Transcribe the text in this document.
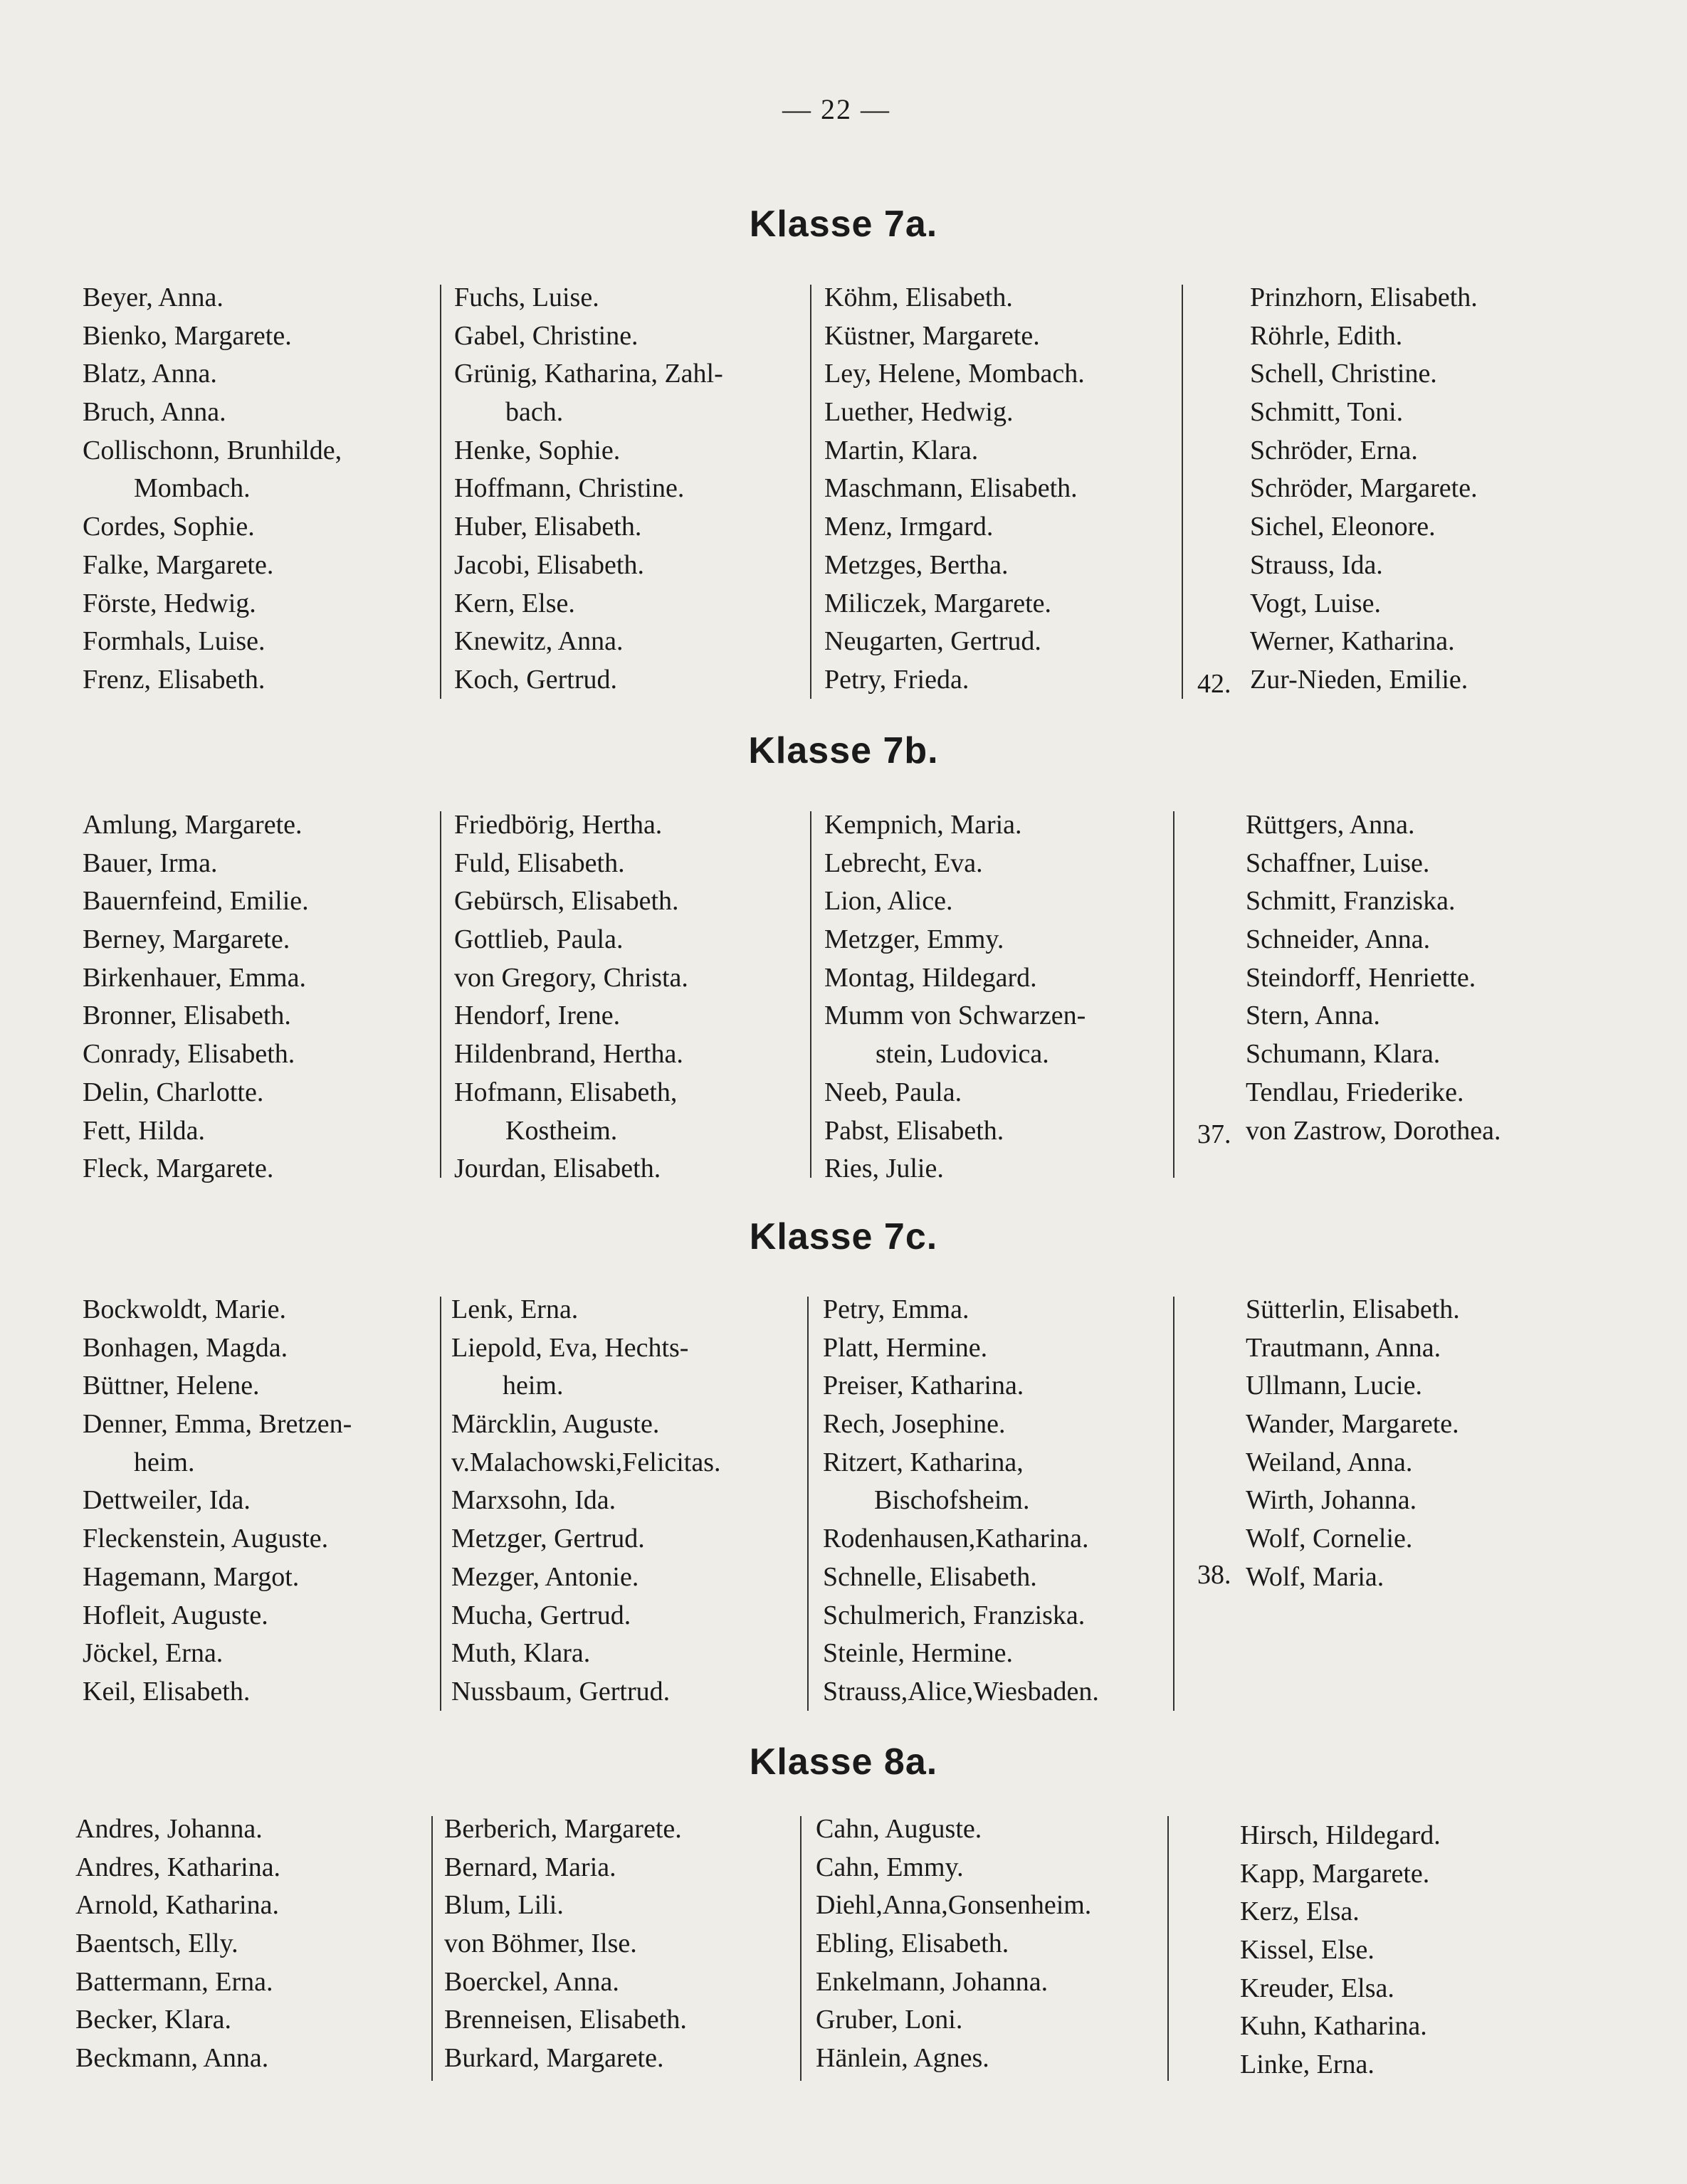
— 22 —
Klasse 7a.
Beyer, Anna.
Bienko, Margarete.
Blatz, Anna.
Bruch, Anna.
Collischonn, Brunhilde,
Mombach.
Cordes, Sophie.
Falke, Margarete.
Förste, Hedwig.
Formhals, Luise.
Frenz, Elisabeth.
Fuchs, Luise.
Gabel, Christine.
Grünig, Katharina, Zahl-
bach.
Henke, Sophie.
Hoffmann, Christine.
Huber, Elisabeth.
Jacobi, Elisabeth.
Kern, Else.
Knewitz, Anna.
Koch, Gertrud.
Köhm, Elisabeth.
Küstner, Margarete.
Ley, Helene, Mombach.
Luether, Hedwig.
Martin, Klara.
Maschmann, Elisabeth.
Menz, Irmgard.
Metzges, Bertha.
Miliczek, Margarete.
Neugarten, Gertrud.
Petry, Frieda.
Prinzhorn, Elisabeth.
Röhrle, Edith.
Schell, Christine.
Schmitt, Toni.
Schröder, Erna.
Schröder, Margarete.
Sichel, Eleonore.
Strauss, Ida.
Vogt, Luise.
Werner, Katharina.
Zur-Nieden, Emilie.
42.
Klasse 7b.
Amlung, Margarete.
Bauer, Irma.
Bauernfeind, Emilie.
Berney, Margarete.
Birkenhauer, Emma.
Bronner, Elisabeth.
Conrady, Elisabeth.
Delin, Charlotte.
Fett, Hilda.
Fleck, Margarete.
Friedbörig, Hertha.
Fuld, Elisabeth.
Gebürsch, Elisabeth.
Gottlieb, Paula.
von Gregory, Christa.
Hendorf, Irene.
Hildenbrand, Hertha.
Hofmann, Elisabeth,
Kostheim.
Jourdan, Elisabeth.
Kempnich, Maria.
Lebrecht, Eva.
Lion, Alice.
Metzger, Emmy.
Montag, Hildegard.
Mumm von Schwarzen-
stein, Ludovica.
Neeb, Paula.
Pabst, Elisabeth.
Ries, Julie.
Rüttgers, Anna.
Schaffner, Luise.
Schmitt, Franziska.
Schneider, Anna.
Steindorff, Henriette.
Stern, Anna.
Schumann, Klara.
Tendlau, Friederike.
von Zastrow, Dorothea.
37.
Klasse 7c.
Bockwoldt, Marie.
Bonhagen, Magda.
Büttner, Helene.
Denner, Emma, Bretzen-
heim.
Dettweiler, Ida.
Fleckenstein, Auguste.
Hagemann, Margot.
Hofleit, Auguste.
Jöckel, Erna.
Keil, Elisabeth.
Lenk, Erna.
Liepold, Eva, Hechts-
heim.
Märcklin, Auguste.
v.Malachowski,Felicitas.
Marxsohn, Ida.
Metzger, Gertrud.
Mezger, Antonie.
Mucha, Gertrud.
Muth, Klara.
Nussbaum, Gertrud.
Petry, Emma.
Platt, Hermine.
Preiser, Katharina.
Rech, Josephine.
Ritzert, Katharina,
Bischofsheim.
Rodenhausen,Katharina.
Schnelle, Elisabeth.
Schulmerich, Franziska.
Steinle, Hermine.
Strauss,Alice,Wiesbaden.
Sütterlin, Elisabeth.
Trautmann, Anna.
Ullmann, Lucie.
Wander, Margarete.
Weiland, Anna.
Wirth, Johanna.
Wolf, Cornelie.
Wolf, Maria.
38.
Klasse 8a.
Andres, Johanna.
Andres, Katharina.
Arnold, Katharina.
Baentsch, Elly.
Battermann, Erna.
Becker, Klara.
Beckmann, Anna.
Berberich, Margarete.
Bernard, Maria.
Blum, Lili.
von Böhmer, Ilse.
Boerckel, Anna.
Brenneisen, Elisabeth.
Burkard, Margarete.
Cahn, Auguste.
Cahn, Emmy.
Diehl,Anna,Gonsenheim.
Ebling, Elisabeth.
Enkelmann, Johanna.
Gruber, Loni.
Hänlein, Agnes.
Hirsch, Hildegard.
Kapp, Margarete.
Kerz, Elsa.
Kissel, Else.
Kreuder, Elsa.
Kuhn, Katharina.
Linke, Erna.
